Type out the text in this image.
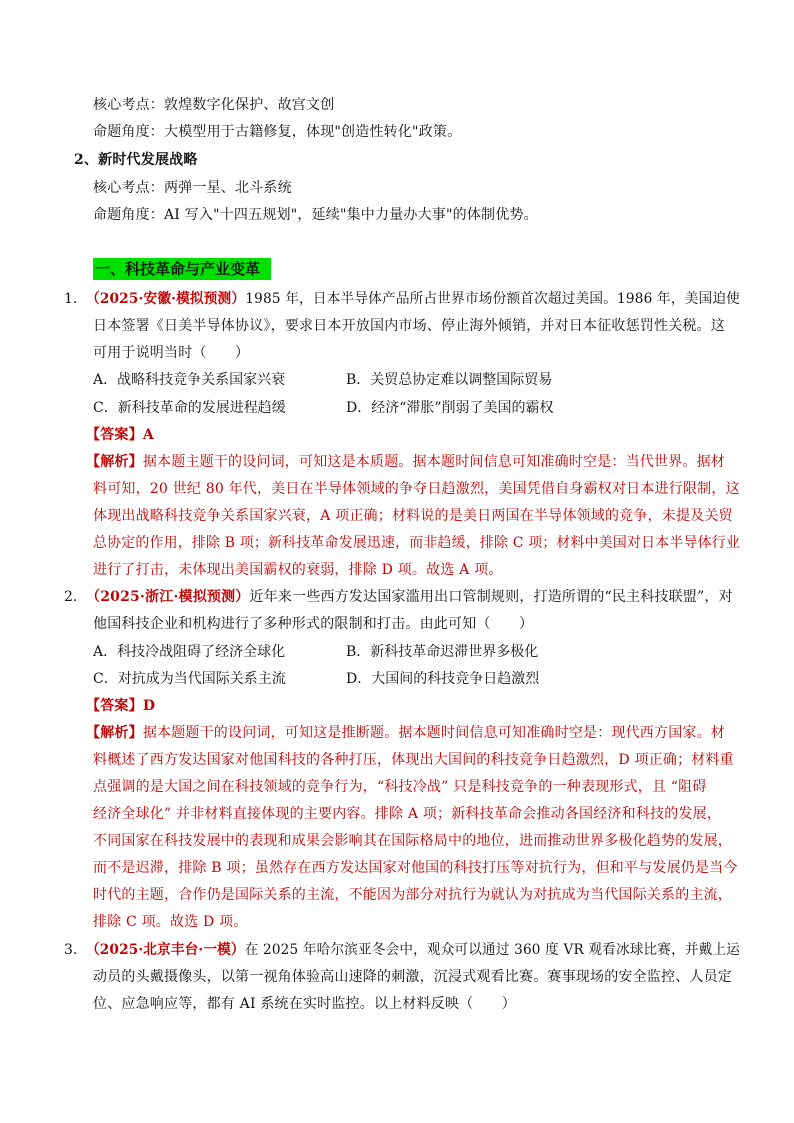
核心考点：敦煌数字化保护、故宫文创
命题角度：大模型用于古籍修复，体现"创造性转化"政策。
2、新时代发展战略
核心考点：两弹一星、北斗系统
命题角度：AI 写入"十四五规划"，延续"集中力量办大事"的体制优势。
一、科技革命与产业变革
1． （2025·安徽·模拟预测）1985 年，日本半导体产品所占世界市场份额首次超过美国。1986 年，美国迫使
日本签署《日美半导体协议》，要求日本开放国内市场、停止海外倾销，并对日本征收惩罚性关税。这
可用于说明当时（　　）
A．战略科技竞争关系国家兴衰	B．关贸总协定难以调整国际贸易
C．新科技革命的发展进程趋缓	D．经济“滞胀”削弱了美国的霸权
【答案】A
【解析】据本题主题干的设问词，可知这是本质题。据本题时间信息可知准确时空是：当代世界。据材
料可知，20 世纪 80 年代，美日在半导体领域的争夺日趋激烈，美国凭借自身霸权对日本进行限制，这
体现出战略科技竞争关系国家兴衰，A 项正确；材料说的是美日两国在半导体领域的竞争，未提及关贸
总协定的作用，排除 B 项；新科技革命发展迅速，而非趋缓，排除 C 项；材料中美国对日本半导体行业
进行了打击，未体现出美国霸权的衰弱，排除 D 项。故选 A 项。
2． （2025·浙江·模拟预测）近年来一些西方发达国家滥用出口管制规则，打造所谓的“民主科技联盟”，对
他国科技企业和机构进行了多种形式的限制和打击。由此可知（　　）
A．科技冷战阻碍了经济全球化	B．新科技革命迟滞世界多极化
C．对抗成为当代国际关系主流	D．大国间的科技竞争日趋激烈
【答案】D
【解析】据本题题干的设问词，可知这是推断题。据本题时间信息可知准确时空是：现代西方国家。材
料概述了西方发达国家对他国科技的各种打压，体现出大国间的科技竞争日趋激烈，D 项正确；材料重
点强调的是大国之间在科技领域的竞争行为，“科技冷战” 只是科技竞争的一种表现形式，且 “阻碍
经济全球化” 并非材料直接体现的主要内容。排除 A 项；新科技革命会推动各国经济和科技的发展，
不同国家在科技发展中的表现和成果会影响其在国际格局中的地位，进而推动世界多极化趋势的发展，
而不是迟滞，排除 B 项；虽然存在西方发达国家对他国的科技打压等对抗行为，但和平与发展仍是当今
时代的主题，合作仍是国际关系的主流，不能因为部分对抗行为就认为对抗成为当代国际关系的主流，
排除 C 项。故选 D 项。
3． （2025·北京丰台·一模）在 2025 年哈尔滨亚冬会中，观众可以通过 360 度 VR 观看冰球比赛，并戴上运
动员的头戴摄像头，以第一视角体验高山速降的刺激，沉浸式观看比赛。赛事现场的安全监控、人员定
位、应急响应等，都有 AI 系统在实时监控。以上材料反映（　　）
